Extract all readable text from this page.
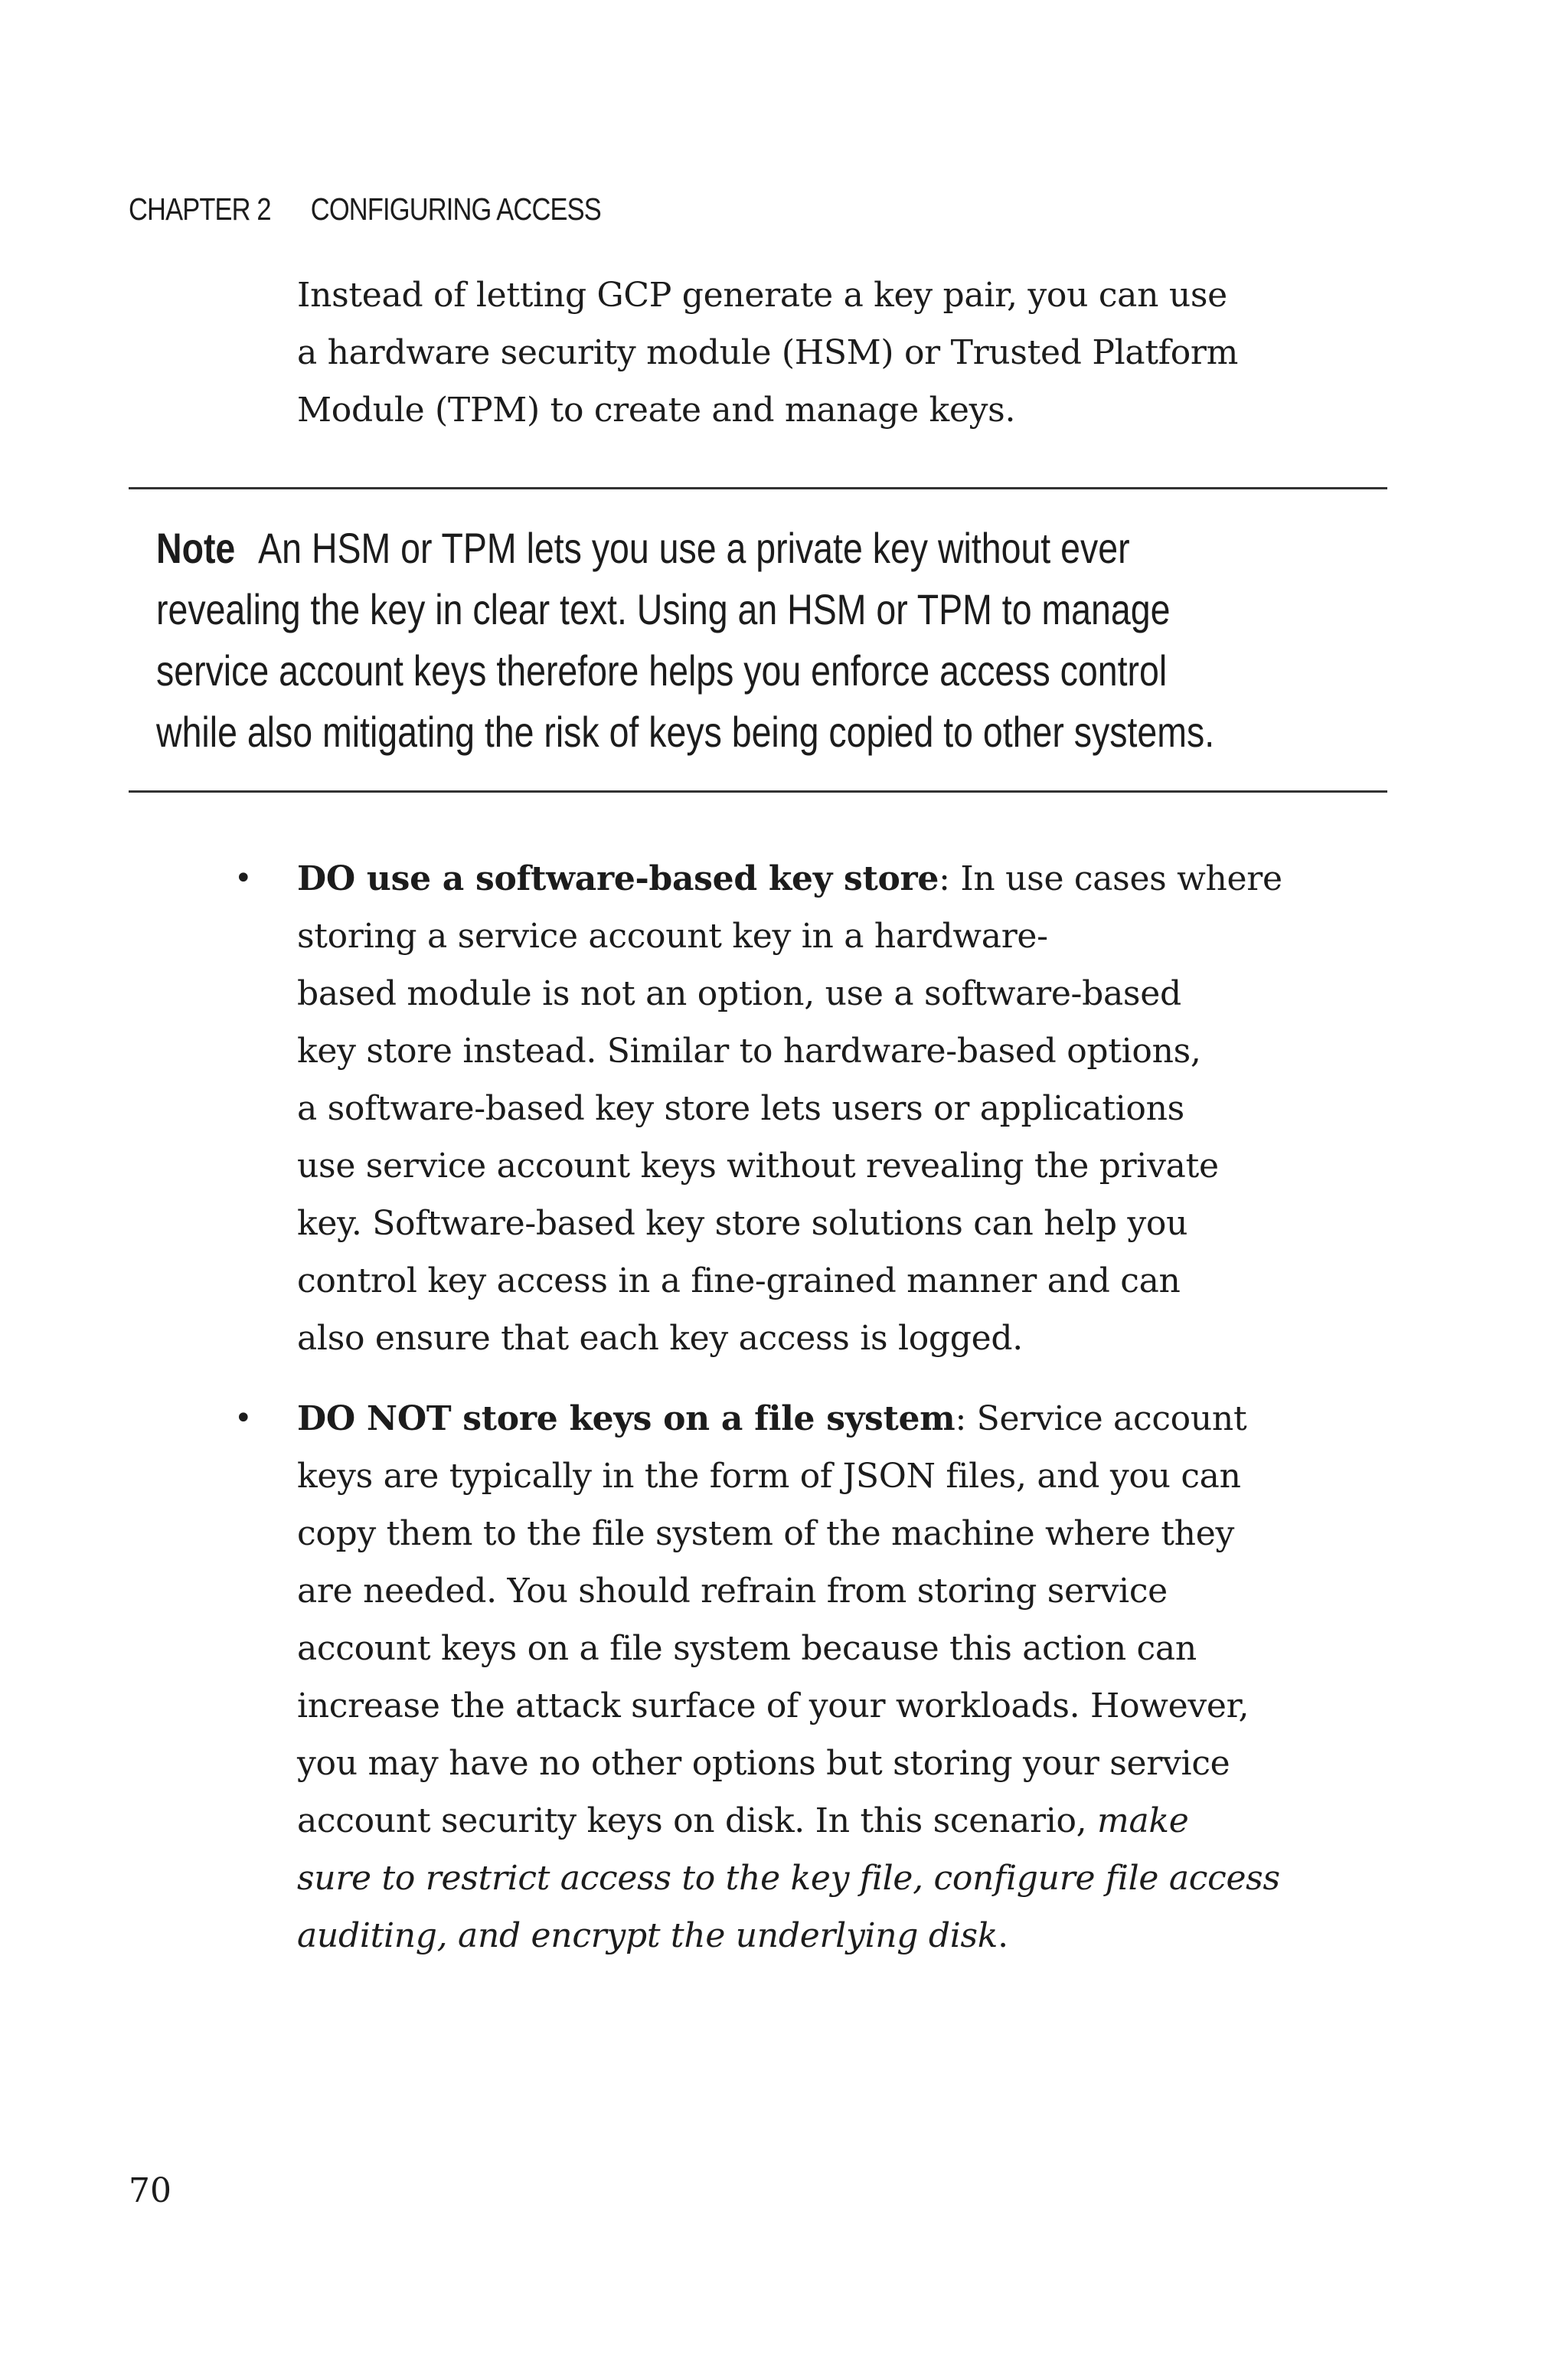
CHAPTER 2 CONFIGURING ACCESS
Instead of letting GCP generate a key pair, you can use
a hardware security module (HSM) or Trusted Platform
Module (TPM) to create and manage keys.
Note An HSM or TPM lets you use a private key without ever
revealing the key in clear text. Using an HSM or TPM to manage
service account keys therefore helps you enforce access control
while also mitigating the risk of keys being copied to other systems.
• DO use a software-based key store: In use cases where
storing a service account key in a hardware-
based module is not an option, use a software-based
key store instead. Similar to hardware-based options,
a software-based key store lets users or applications
use service account keys without revealing the private
key. Software-based key store solutions can help you
control key access in a fine-grained manner and can
also ensure that each key access is logged.
• DO NOT store keys on a file system: Service account
keys are typically in the form of JSON files, and you can
copy them to the file system of the machine where they
are needed. You should refrain from storing service
account keys on a file system because this action can
increase the attack surface of your workloads. However,
you may have no other options but storing your service
account security keys on disk. In this scenario, make
sure to restrict access to the key file, configure file access
auditing, and encrypt the underlying disk.
70
